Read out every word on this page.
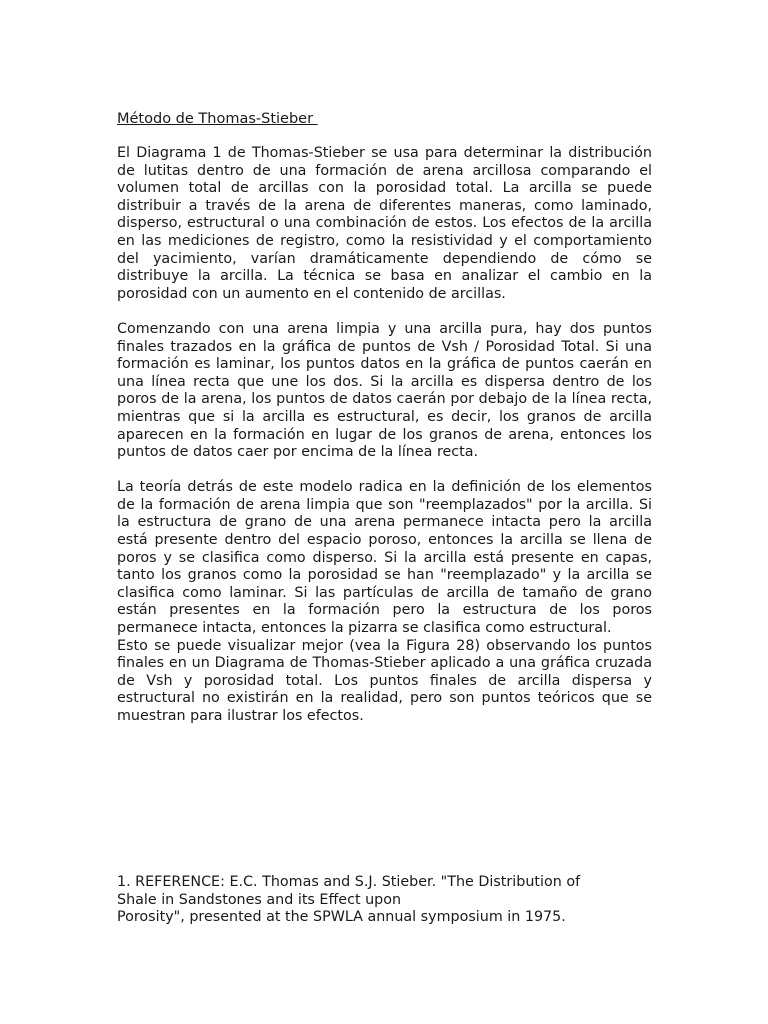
Método de Thomas-Stieber

El Diagrama 1 de Thomas-Stieber se usa para determinar la distribución de lutitas dentro de una formación de arena arcillosa comparando el volumen total de arcillas con la porosidad total. La arcilla se puede distribuir a través de la arena de diferentes maneras, como laminado, disperso, estructural o una combinación de estos. Los efectos de la arcilla en las mediciones de registro, como la resistividad y el comportamiento del yacimiento, varían dramáticamente dependiendo de cómo se distribuye la arcilla. La técnica se basa en analizar el cambio en la porosidad con un aumento en el contenido de arcillas.

Comenzando con una arena limpia y una arcilla pura, hay dos puntos finales trazados en la gráfica de puntos de Vsh / Porosidad Total. Si una formación es laminar, los puntos datos en la gráfica de puntos caerán en una línea recta que une los dos. Si la arcilla es dispersa dentro de los poros de la arena, los puntos de datos caerán por debajo de la línea recta, mientras que si la arcilla es estructural, es decir, los granos de arcilla aparecen en la formación en lugar de los granos de arena, entonces los puntos de datos caer por encima de la línea recta.

La teoría detrás de este modelo radica en la definición de los elementos de la formación de arena limpia que son "reemplazados" por la arcilla. Si la estructura de grano de una arena permanece intacta pero la arcilla está presente dentro del espacio poroso, entonces la arcilla se llena de poros y se clasifica como disperso. Si la arcilla está presente en capas, tanto los granos como la porosidad se han "reemplazado" y la arcilla se clasifica como laminar. Si las partículas de arcilla de tamaño de grano están presentes en la formación pero la estructura de los poros permanece intacta, entonces la pizarra se clasifica como estructural.

Esto se puede visualizar mejor (vea la Figura 28) observando los puntos finales en un Diagrama de Thomas-Stieber aplicado a una gráfica cruzada de Vsh y porosidad total. Los puntos finales de arcilla dispersa y estructural no existirán en la realidad, pero son puntos teóricos que se muestran para ilustrar los efectos.

1. REFERENCE: E.C. Thomas and S.J. Stieber. "The Distribution of
Shale in Sandstones and its Effect upon
Porosity", presented at the SPWLA annual symposium in 1975.
